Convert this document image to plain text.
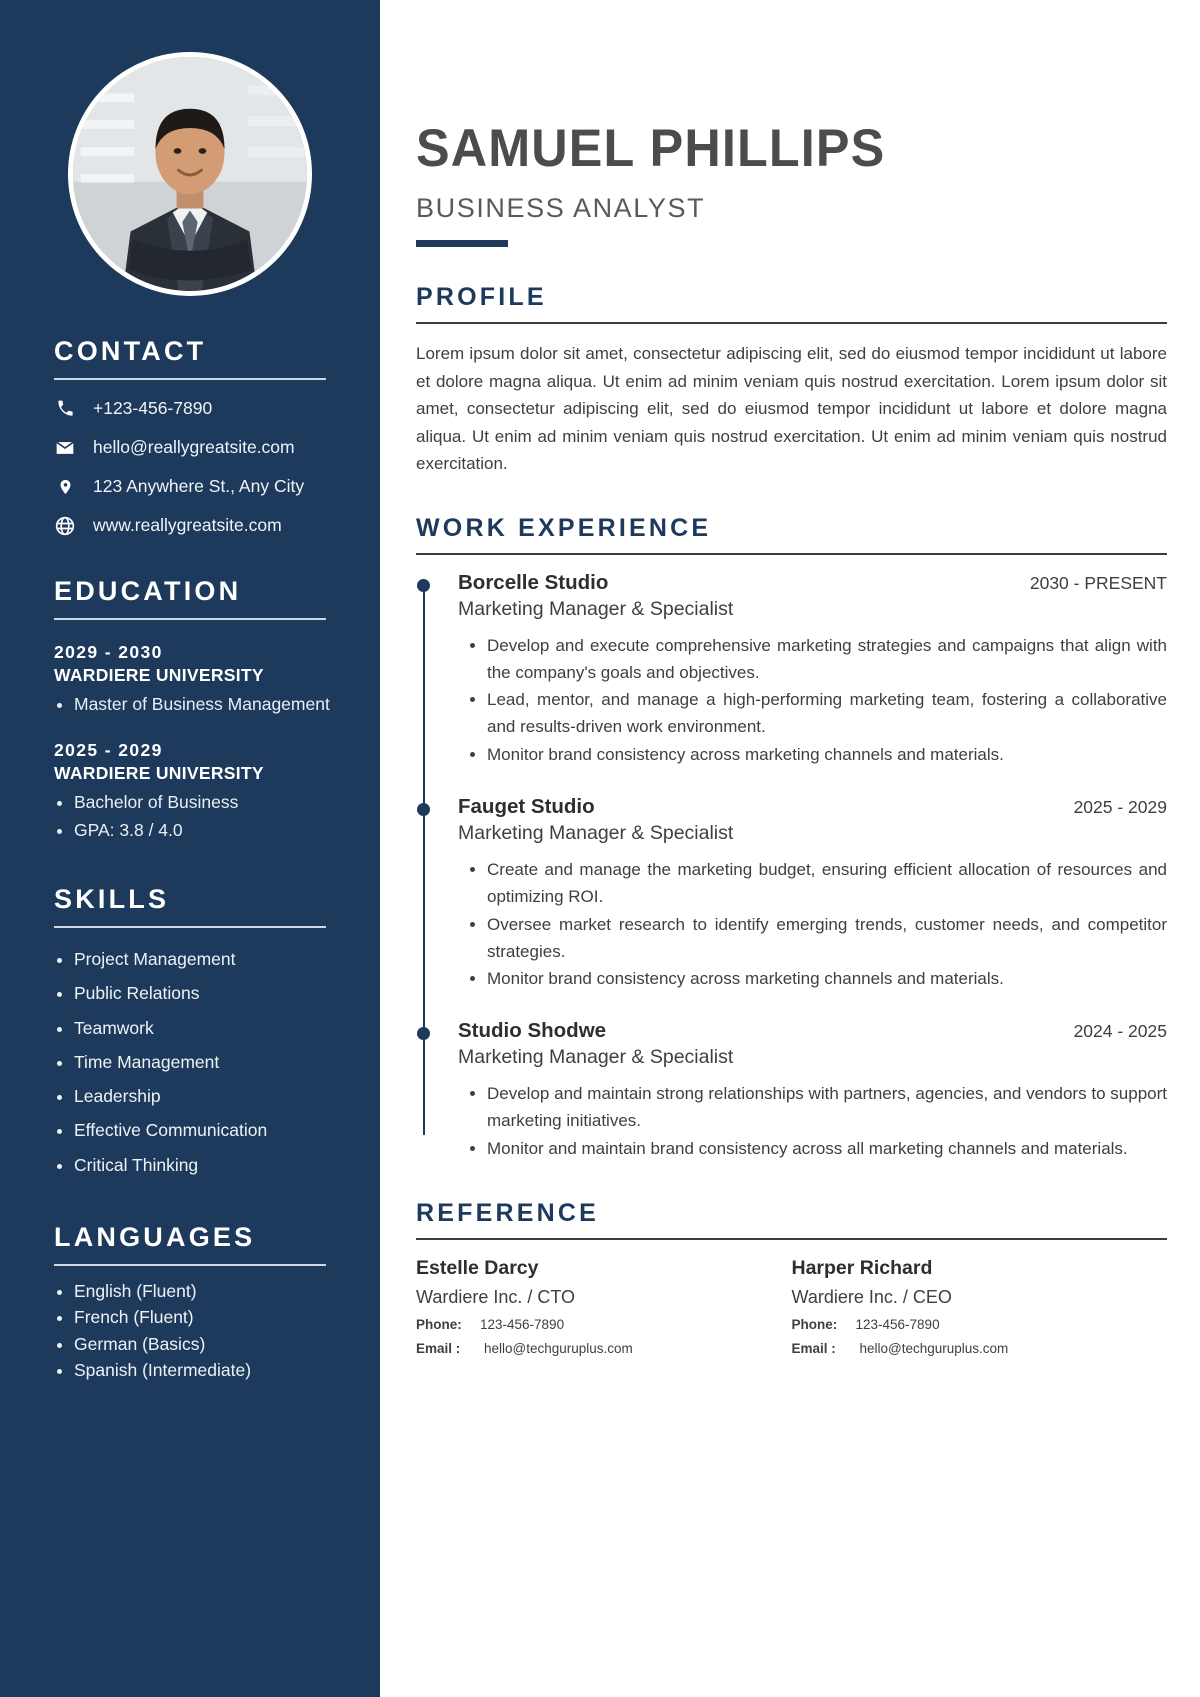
CONTACT
+123-456-7890
hello@reallygreatsite.com
123 Anywhere St., Any City
www.reallygreatsite.com
EDUCATION
2029 - 2030
WARDIERE UNIVERSITY
• Master of Business Management
2025 - 2029
WARDIERE UNIVERSITY
• Bachelor of Business
• GPA: 3.8 / 4.0
SKILLS
• Project Management
• Public Relations
• Teamwork
• Time Management
• Leadership
• Effective Communication
• Critical Thinking
LANGUAGES
• English (Fluent)
• French (Fluent)
• German (Basics)
• Spanish (Intermediate)
SAMUEL PHILLIPS
BUSINESS ANALYST
PROFILE

Lorem ipsum dolor sit amet, consectetur adipiscing elit, sed do eiusmod tempor incididunt ut labore et dolore magna aliqua. Ut enim ad minim veniam quis nostrud exercitation. Lorem ipsum dolor sit amet, consectetur adipiscing elit, sed do eiusmod tempor incididunt ut labore et dolore magna aliqua. Ut enim ad minim veniam quis nostrud exercitation. Ut enim ad minim veniam quis nostrud exercitation.

WORK EXPERIENCE
Borcelle Studio	2030 - PRESENT
Marketing Manager & Specialist
• Develop and execute comprehensive marketing strategies and campaigns that align with the company's goals and objectives.
• Lead, mentor, and manage a high-performing marketing team, fostering a collaborative and results-driven work environment.
• Monitor brand consistency across marketing channels and materials.
Fauget Studio	2025 - 2029
Marketing Manager & Specialist
• Create and manage the marketing budget, ensuring efficient allocation of resources and optimizing ROI.
• Oversee market research to identify emerging trends, customer needs, and competitor strategies.
• Monitor brand consistency across marketing channels and materials.
Studio Shodwe	2024 - 2025
Marketing Manager & Specialist
• Develop and maintain strong relationships with partners, agencies, and vendors to support marketing initiatives.
• Monitor and maintain brand consistency across all marketing channels and materials.
REFERENCE
Estelle Darcy
Wardiere Inc. / CTO
Phone:	123-456-7890
Email :	hello@techguruplus.com
Harper Richard
Wardiere Inc. / CEO
Phone:	123-456-7890
Email :	hello@techguruplus.com
